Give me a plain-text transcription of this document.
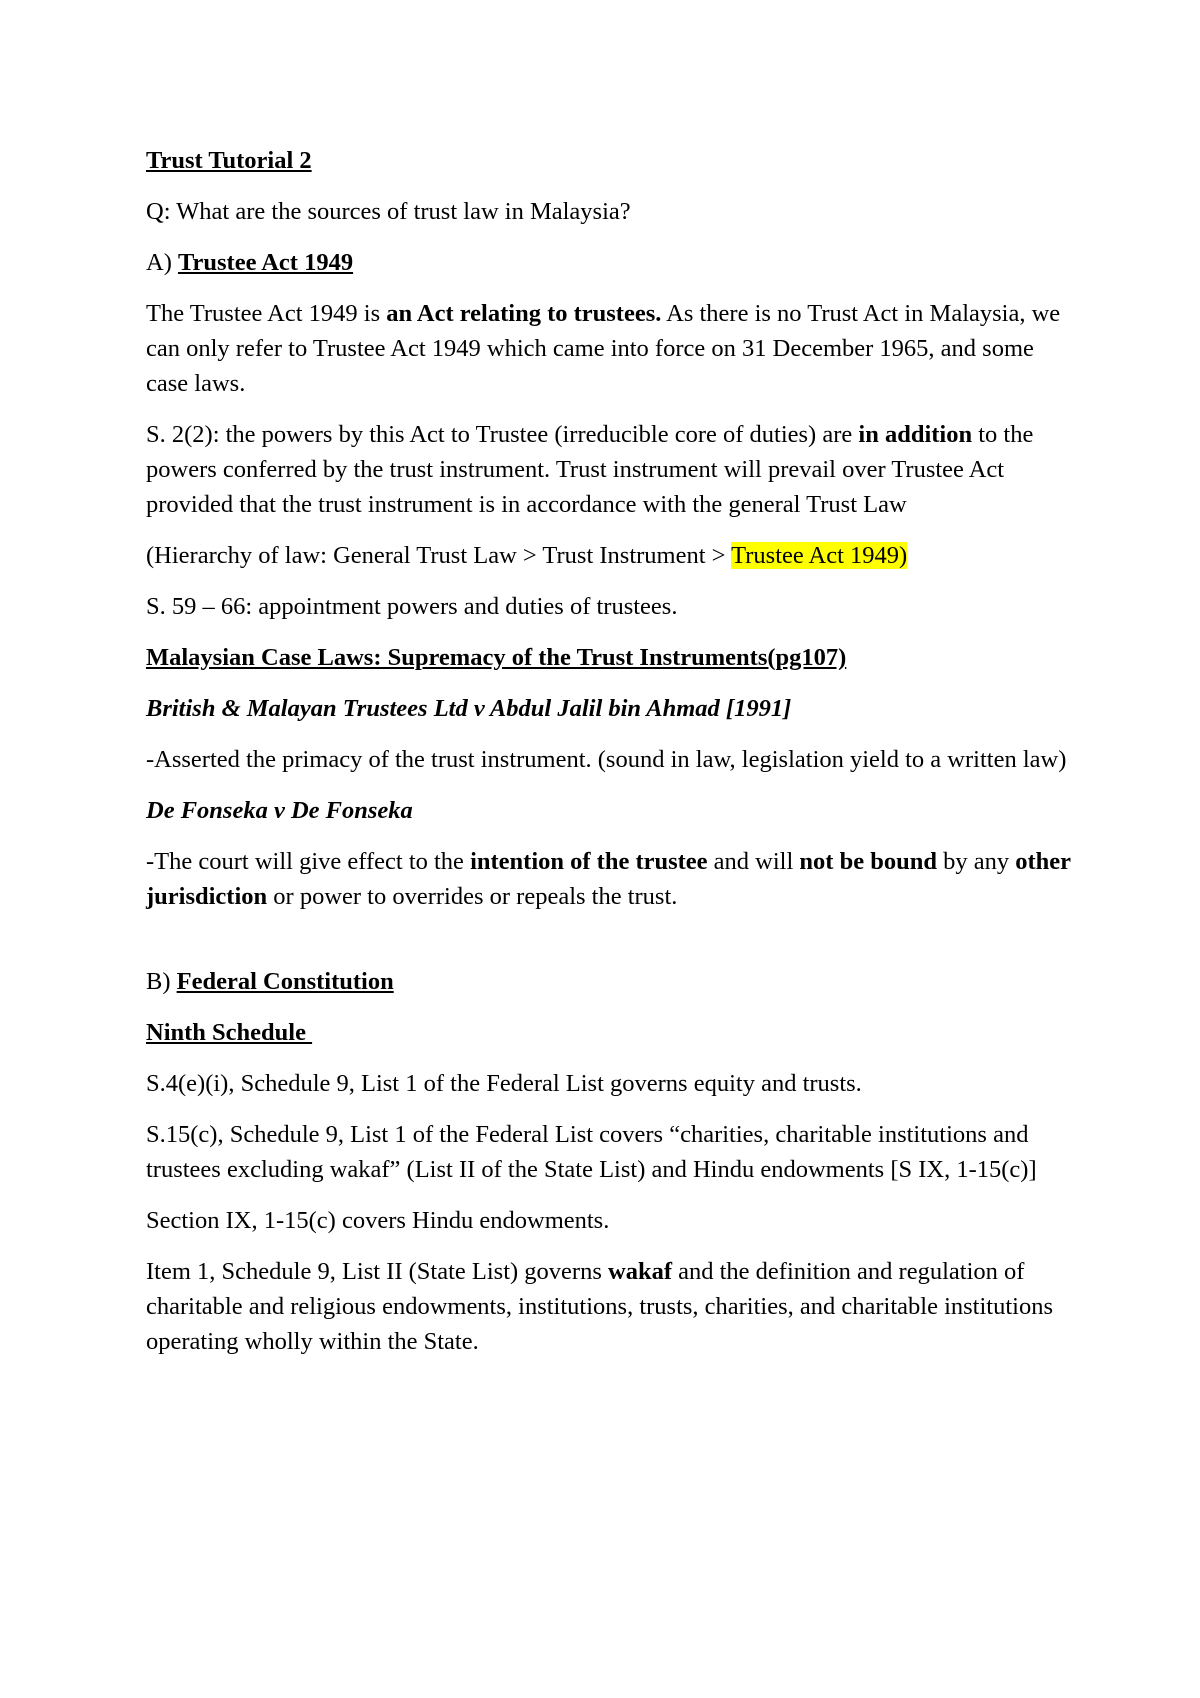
Trust Tutorial 2

Q: What are the sources of trust law in Malaysia?

A) Trustee Act 1949

The Trustee Act 1949 is an Act relating to trustees. As there is no Trust Act in Malaysia, we can only refer to Trustee Act 1949 which came into force on 31 December 1965, and some case laws.

S. 2(2): the powers by this Act to Trustee (irreducible core of duties) are in addition to the powers conferred by the trust instrument. Trust instrument will prevail over Trustee Act provided that the trust instrument is in accordance with the general Trust Law

(Hierarchy of law: General Trust Law > Trust Instrument > Trustee Act 1949)

S. 59 – 66: appointment powers and duties of trustees.

Malaysian Case Laws: Supremacy of the Trust Instruments(pg107)

British & Malayan Trustees Ltd v Abdul Jalil bin Ahmad [1991]

-Asserted the primacy of the trust instrument. (sound in law, legislation yield to a written law)

De Fonseka v De Fonseka

-The court will give effect to the intention of the trustee and will not be bound by any other jurisdiction or power to overrides or repeals the trust.

B) Federal Constitution

Ninth Schedule

S.4(e)(i), Schedule 9, List 1 of the Federal List governs equity and trusts.

S.15(c), Schedule 9, List 1 of the Federal List covers “charities, charitable institutions and trustees excluding wakaf” (List II of the State List) and Hindu endowments [S IX, 1-15(c)]

Section IX, 1-15(c) covers Hindu endowments.

Item 1, Schedule 9, List II (State List) governs wakaf and the definition and regulation of charitable and religious endowments, institutions, trusts, charities, and charitable institutions operating wholly within the State.
